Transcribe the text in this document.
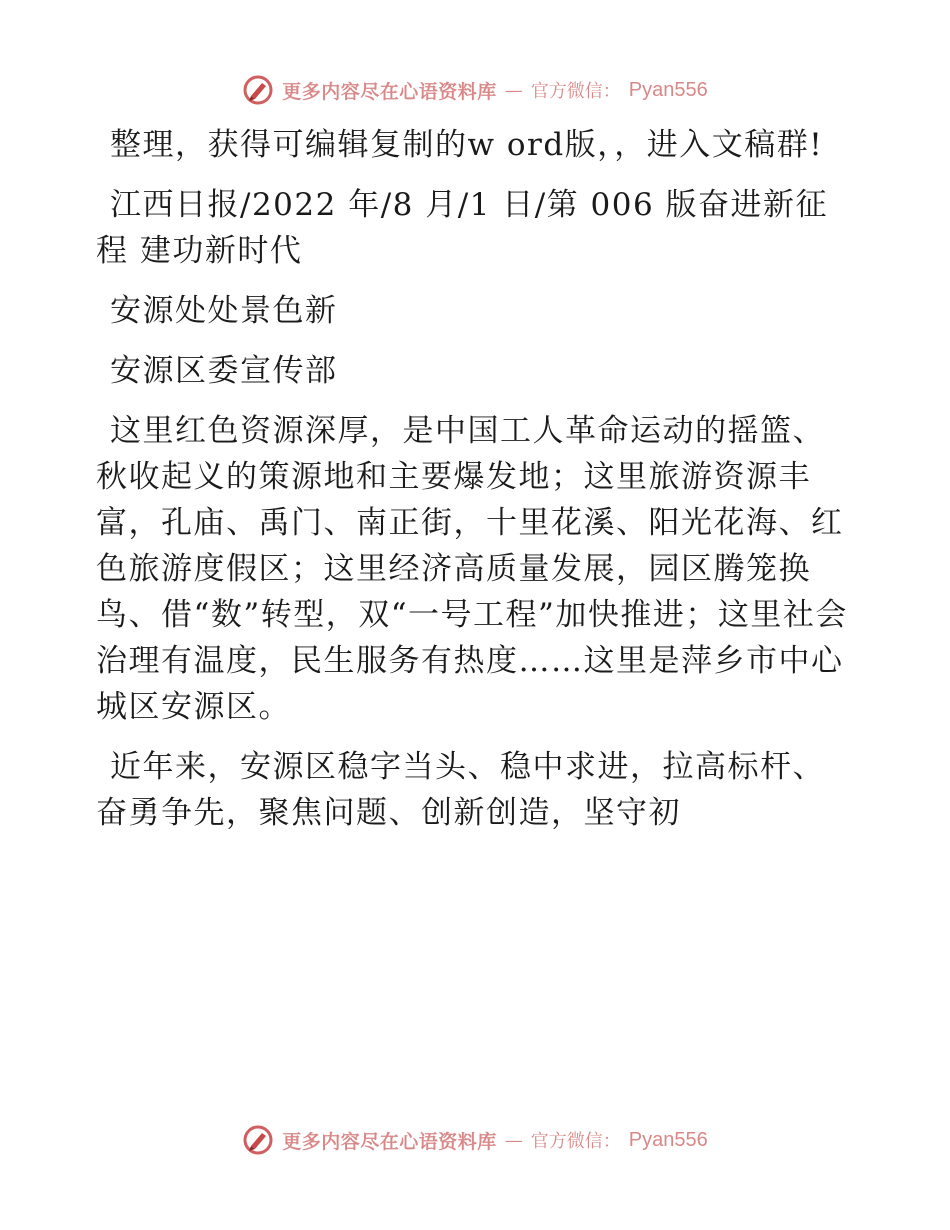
更多内容尽在心语资料库 — 官方微信： Pyan556

整理，获得可编辑复制的w ord版，，进入文稿群!

江西日报/2022 年/8 月/1 日/第 006 版奋进新征程 建功新时代

安源处处景色新

安源区委宣传部

这里红色资源深厚，是中国工人革命运动的摇篮、秋收起义的策源地和主要爆发地；这里旅游资源丰富，孔庙、禹门、南正街，十里花溪、阳光花海、红色旅游度假区；这里经济高质量发展，园区腾笼换鸟、借“数”转型，双“一号工程”加快推进；这里社会治理有温度，民生服务有热度……这里是萍乡市中心城区安源区。

近年来，安源区稳字当头、稳中求进，拉高标杆、奋勇争先，聚焦问题、创新创造，坚守初

更多内容尽在心语资料库 — 官方微信： Pyan556
